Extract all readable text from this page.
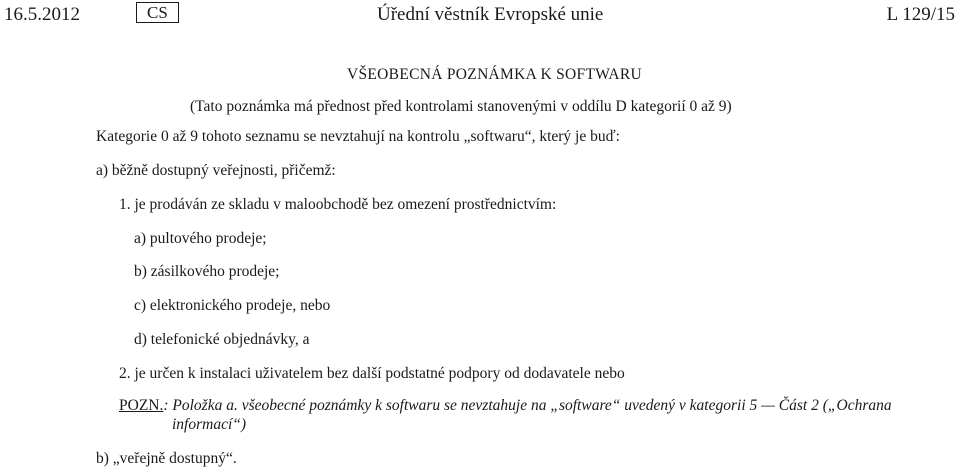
16.5.2012	CS	Úřední věstník Evropské unie	L 129/15
VŠEOBECNÁ POZNÁMKA K SOFTWARU
(Tato poznámka má přednost před kontrolami stanovenými v oddílu D kategorií 0 až 9)
Kategorie 0 až 9 tohoto seznamu se nevztahují na kontrolu „softwaru“, který je buď:
a) běžně dostupný veřejnosti, přičemž:
1. je prodáván ze skladu v maloobchodě bez omezení prostřednictvím:
a) pultového prodeje;
b) zásilkového prodeje;
c) elektronického prodeje, nebo
d) telefonické objednávky, a
2. je určen k instalaci uživatelem bez další podstatné podpory od dodavatele nebo
POZN.: Položka a. všeobecné poznámky k softwaru se nevztahuje na „software“ uvedený v kategorii 5 — Část 2 („Ochrana
informací“)
b) „veřejně dostupný“.
